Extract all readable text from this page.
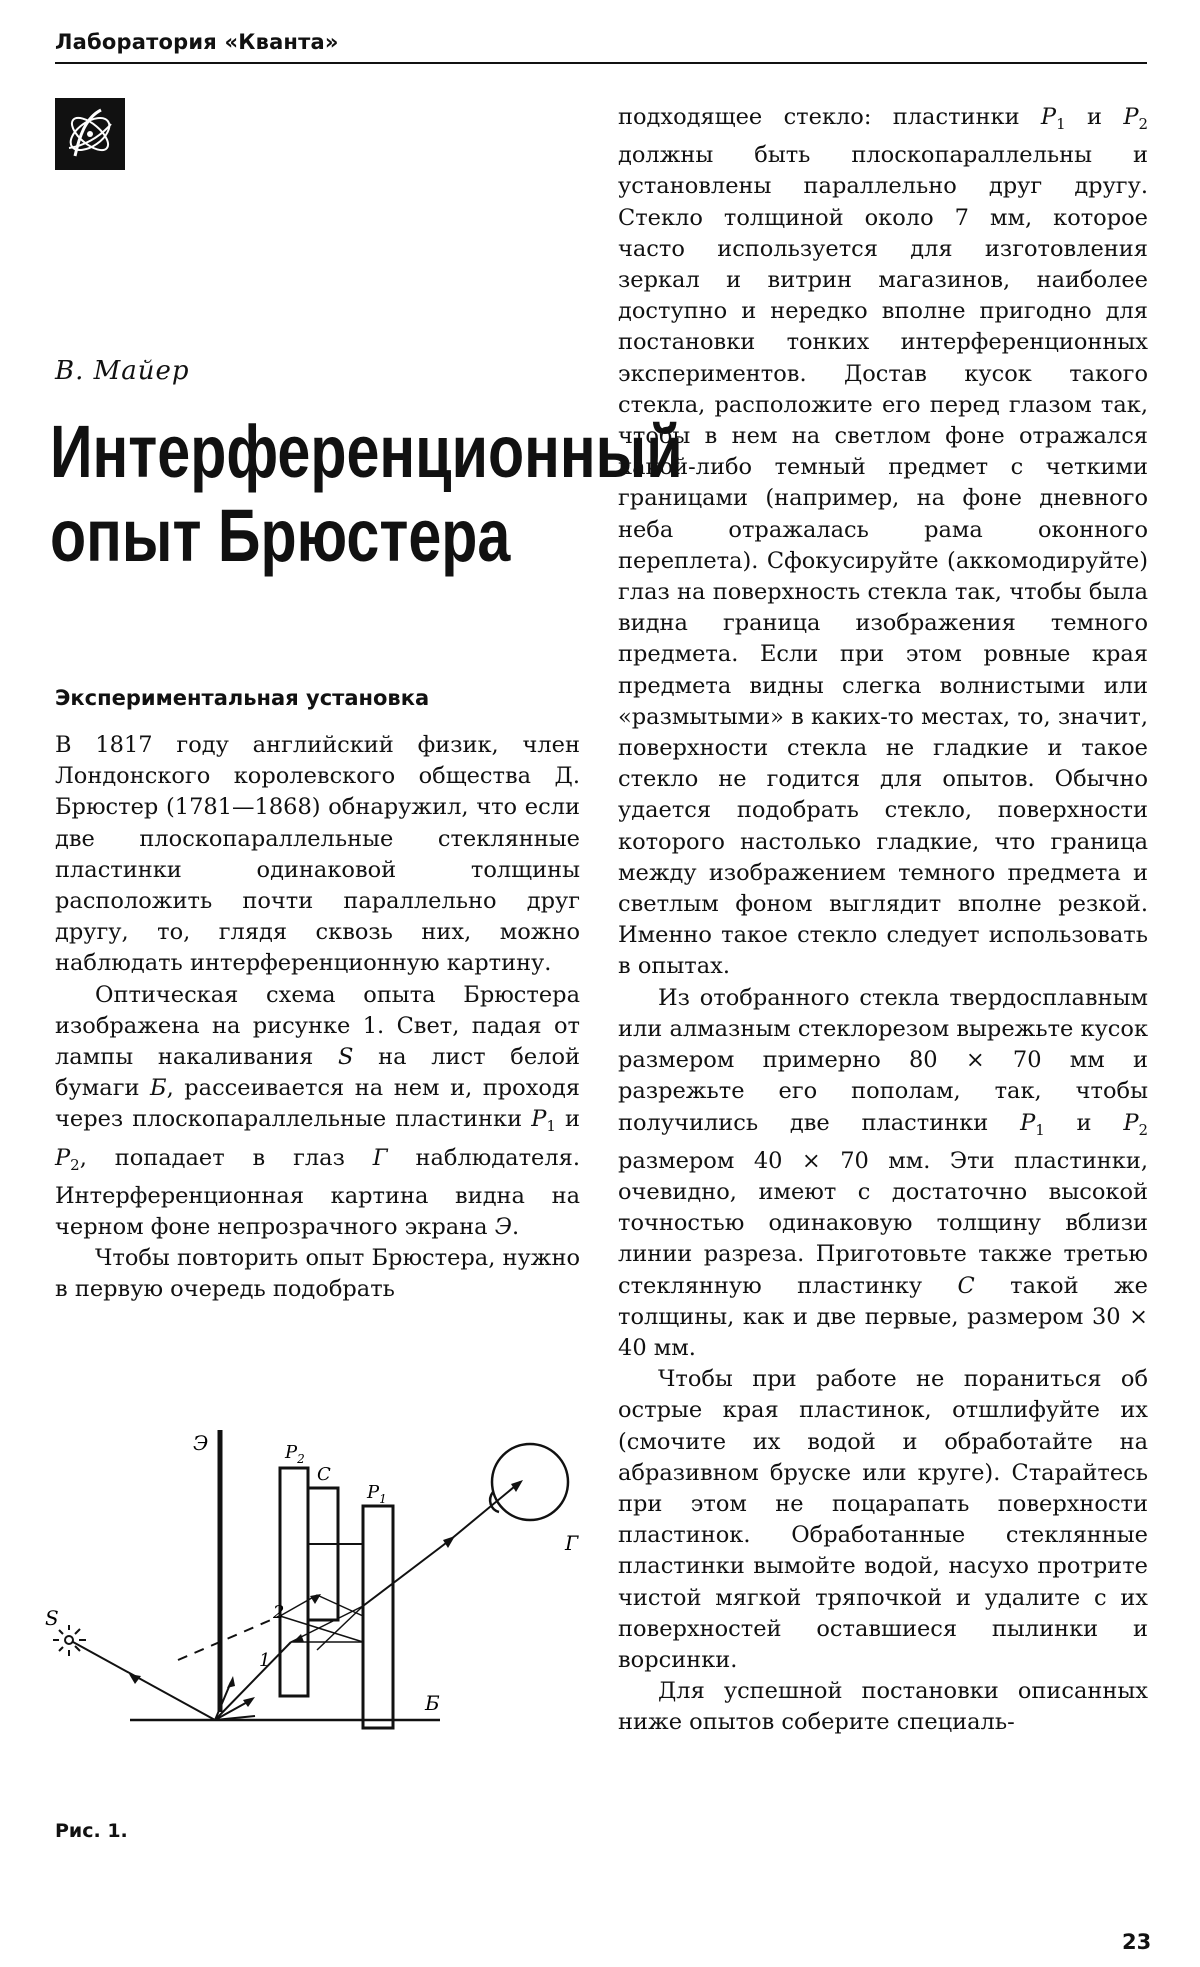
Лаборатория «Кванта»
В. Майер
Интерференционный
опыт Брюстера
Экспериментальная установка

В 1817 году английский физик, член Лондонского королевского общества Д. Брюстер (1781—1868) обнаружил, что если две плоскопараллельные стеклянные пластинки одинаковой толщины расположить почти параллельно друг другу, то, глядя сквозь них, можно наблюдать интерференционную картину.

Оптическая схема опыта Брюстера изображена на рисунке 1. Свет, падая от лампы накаливания S на лист белой бумаги Б, рассеивается на нем и, проходя через плоскопараллельные пластинки $P_1$ и $P_2$, попадает в глаз Г наблюдателя. Интерференционная картина видна на черном фоне непрозрачного экрана Э.

Чтобы повторить опыт Брюстера, нужно в первую очередь подобрать

подходящее стекло: пластинки $P_1$ и $P_2$ должны быть плоскопараллельны и установлены параллельно друг другу. Стекло толщиной около 7 мм, которое часто используется для изготовления зеркал и витрин магазинов, наиболее доступно и нередко вполне пригодно для постановки тонких интерференционных экспериментов. Достав кусок такого стекла, расположите его перед глазом так, чтобы в нем на светлом фоне отражался какой-либо темный предмет с четкими границами (например, на фоне дневного неба отражалась рама оконного переплета). Сфокусируйте (аккомодируйте) глаз на поверхность стекла так, чтобы была видна граница изображения темного предмета. Если при этом ровные края предмета видны слегка волнистыми или «размытыми» в каких-то местах, то, значит, поверхности стекла не гладкие и такое стекло не годится для опытов. Обычно удается подобрать стекло, поверхности которого настолько гладкие, что граница между изображением темного предмета и светлым фоном выглядит вполне резкой. Именно такое стекло следует использовать в опытах.

Из отобранного стекла твердосплавным или алмазным стеклорезом вырежьте кусок размером примерно 80 × 70 мм и разрежьте его пополам, так, чтобы получились две пластинки $P_1$ и $P_2$ размером 40 × 70 мм. Эти пластинки, очевидно, имеют с достаточно высокой точностью одинаковую толщину вблизи линии разреза. Приготовьте также третью стеклянную пластинку C такой же толщины, как и две первые, размером 30 × 40 мм.

Чтобы при работе не пораниться об острые края пластинок, отшлифуйте их (смочите их водой и обработайте на абразивном бруске или круге). Старайтесь при этом не поцарапать поверхности пластинок. Обработанные стеклянные пластинки вымойте водой, насухо протрите чистой мягкой тряпочкой и удалите с их поверхностей оставшиеся пылинки и ворсинки.

Для успешной постановки описанных ниже опытов соберите специаль-

Э	$P_2$
C
$P_1$
Б
S	2
1
Г
Рис. 1.
23
